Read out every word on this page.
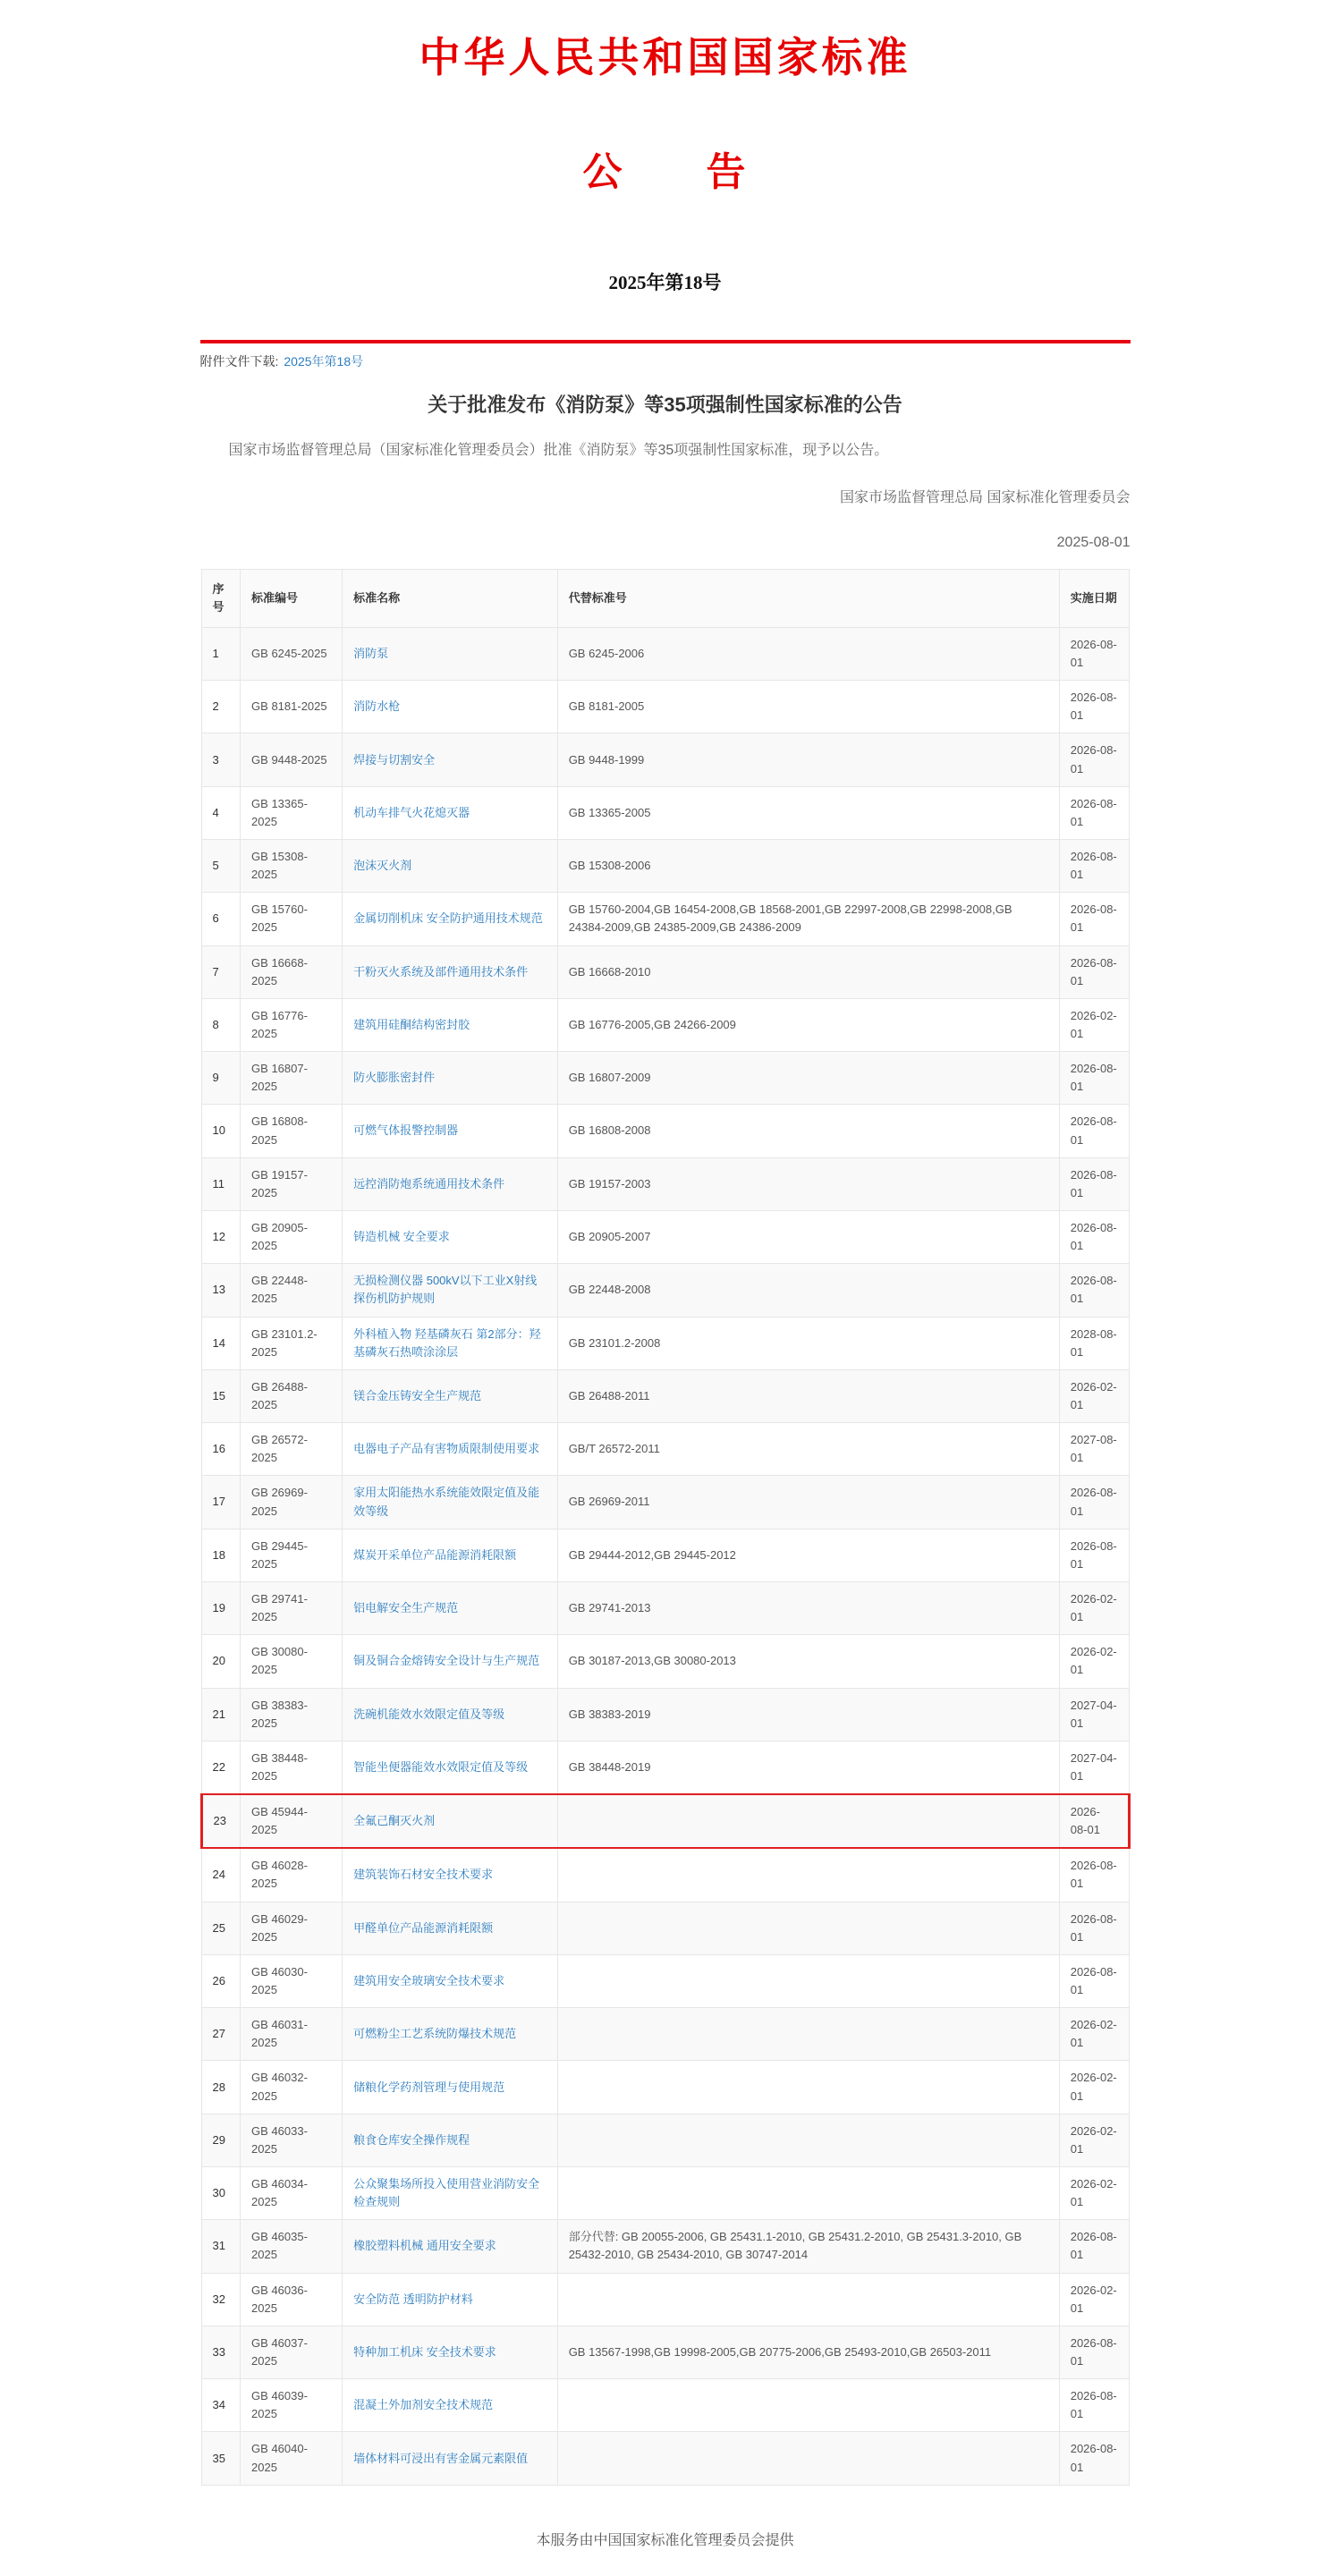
中华人民共和国国家标准
公　　告
2025年第18号
附件文件下载: 2025年第18号
关于批准发布《消防泵》等35项强制性国家标准的公告

国家市场监督管理总局（国家标准化管理委员会）批准《消防泵》等35项强制性国家标准，现予以公告。

国家市场监督管理总局 国家标准化管理委员会
2025-08-01
序号	标准编号	标准名称	代替标准号	实施日期
1	GB 6245-2025	消防泵	GB 6245-2006	2026-08-01
2	GB 8181-2025	消防水枪	GB 8181-2005	2026-08-01
3	GB 9448-2025	焊接与切割安全	GB 9448-1999	2026-08-01
4	GB 13365-2025	机动车排气火花熄灭器	GB 13365-2005	2026-08-01
5	GB 15308-2025	泡沫灭火剂	GB 15308-2006	2026-08-01
6	GB 15760-2025	金属切削机床 安全防护通用技术规范	GB 15760-2004,GB 16454-2008,GB 18568-2001,GB 22997-2008,GB 22998-2008,GB 24384-2009,GB 24385-2009,GB 24386-2009	2026-08-01
7	GB 16668-2025	干粉灭火系统及部件通用技术条件	GB 16668-2010	2026-08-01
8	GB 16776-2025	建筑用硅酮结构密封胶	GB 16776-2005,GB 24266-2009	2026-02-01
9	GB 16807-2025	防火膨胀密封件	GB 16807-2009	2026-08-01
10	GB 16808-2025	可燃气体报警控制器	GB 16808-2008	2026-08-01
11	GB 19157-2025	远控消防炮系统通用技术条件	GB 19157-2003	2026-08-01
12	GB 20905-2025	铸造机械 安全要求	GB 20905-2007	2026-08-01
13	GB 22448-2025	无损检测仪器 500kV以下工业X射线探伤机防护规则	GB 22448-2008	2026-08-01
14	GB 23101.2-2025	外科植入物 羟基磷灰石 第2部分：羟基磷灰石热喷涂涂层	GB 23101.2-2008	2028-08-01
15	GB 26488-2025	镁合金压铸安全生产规范	GB 26488-2011	2026-02-01
16	GB 26572-2025	电器电子产品有害物质限制使用要求	GB/T 26572-2011	2027-08-01
17	GB 26969-2025	家用太阳能热水系统能效限定值及能效等级	GB 26969-2011	2026-08-01
18	GB 29445-2025	煤炭开采单位产品能源消耗限额	GB 29444-2012,GB 29445-2012	2026-08-01
19	GB 29741-2025	铝电解安全生产规范	GB 29741-2013	2026-02-01
20	GB 30080-2025	铜及铜合金熔铸安全设计与生产规范	GB 30187-2013,GB 30080-2013	2026-02-01
21	GB 38383-2025	洗碗机能效水效限定值及等级	GB 38383-2019	2027-04-01
22	GB 38448-2025	智能坐便器能效水效限定值及等级	GB 38448-2019	2027-04-01
23	GB 45944-2025	全氟己酮灭火剂		2026-08-01
24	GB 46028-2025	建筑装饰石材安全技术要求		2026-08-01
25	GB 46029-2025	甲醛单位产品能源消耗限额		2026-08-01
26	GB 46030-2025	建筑用安全玻璃安全技术要求		2026-08-01
27	GB 46031-2025	可燃粉尘工艺系统防爆技术规范		2026-02-01
28	GB 46032-2025	储粮化学药剂管理与使用规范		2026-02-01
29	GB 46033-2025	粮食仓库安全操作规程		2026-02-01
30	GB 46034-2025	公众聚集场所投入使用营业消防安全检查规则		2026-02-01
31	GB 46035-2025	橡胶塑料机械 通用安全要求	部分代替: GB 20055-2006, GB 25431.1-2010, GB 25431.2-2010, GB 25431.3-2010, GB 25432-2010, GB 25434-2010, GB 30747-2014	2026-08-01
32	GB 46036-2025	安全防范 透明防护材料		2026-02-01
33	GB 46037-2025	特种加工机床 安全技术要求	GB 13567-1998,GB 19998-2005,GB 20775-2006,GB 25493-2010,GB 26503-2011	2026-08-01
34	GB 46039-2025	混凝土外加剂安全技术规范		2026-08-01
35	GB 46040-2025	墙体材料可浸出有害金属元素限值		2026-08-01
本服务由中国国家标准化管理委员会提供
